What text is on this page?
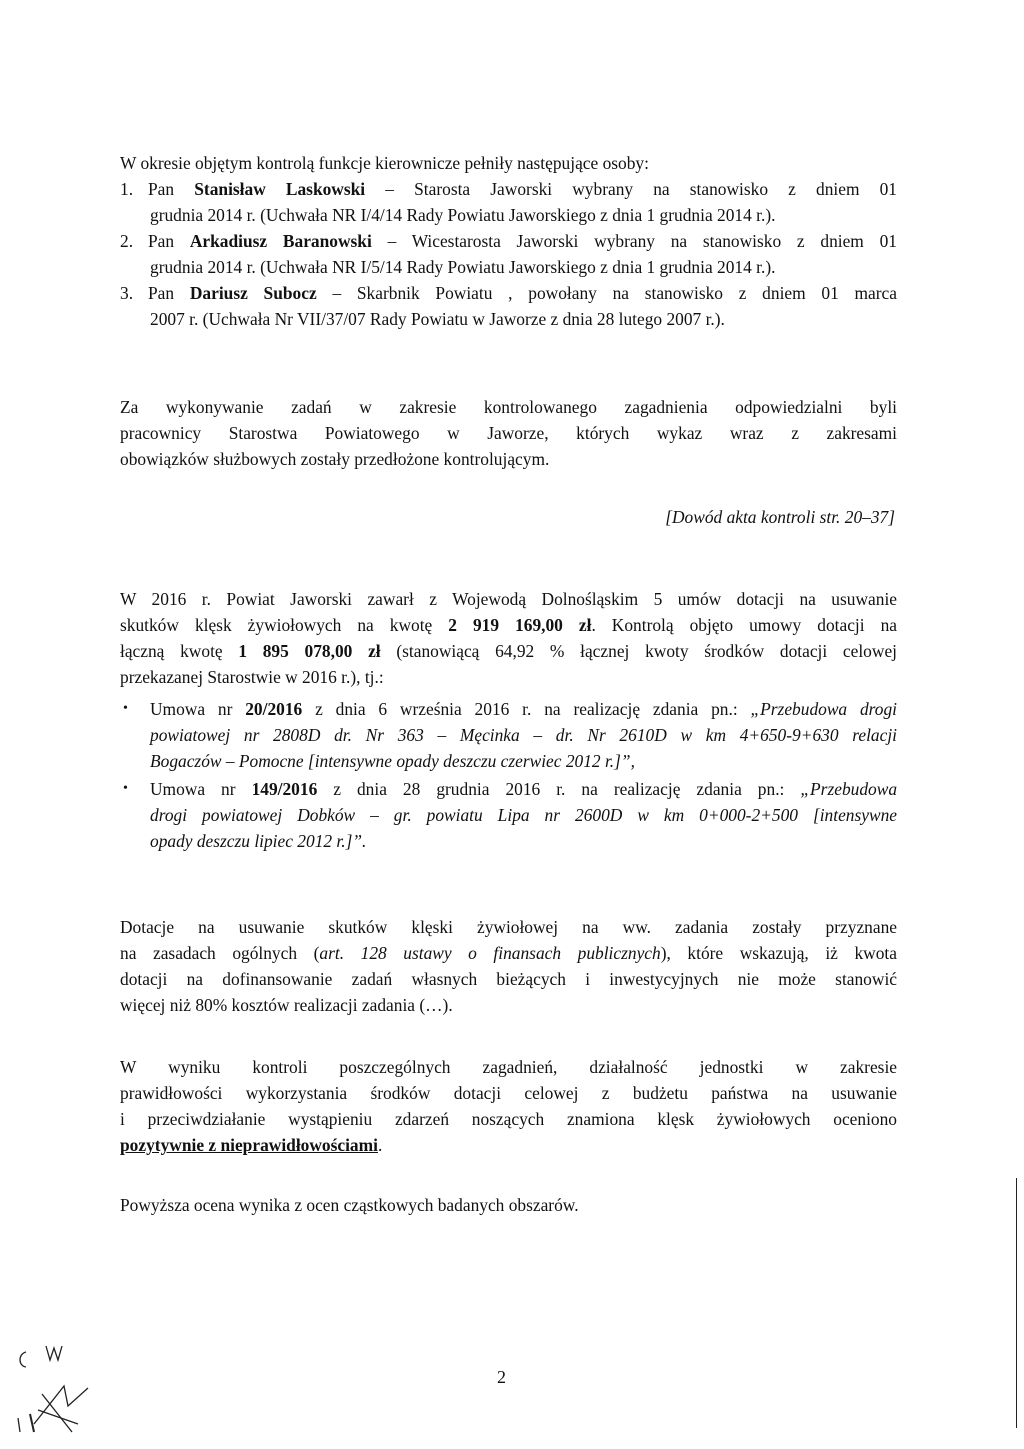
W okresie objętym kontrolą funkcje kierownicze pełniły następujące osoby:
1. Pan Stanisław Laskowski – Starosta Jaworski wybrany na stanowisko z dniem 01
grudnia 2014 r. (Uchwała NR I/4/14 Rady Powiatu Jaworskiego z dnia 1 grudnia 2014 r.).
2. Pan Arkadiusz Baranowski – Wicestarosta Jaworski wybrany na stanowisko z dniem 01
grudnia 2014 r. (Uchwała NR I/5/14 Rady Powiatu Jaworskiego z dnia 1 grudnia 2014 r.).
3. Pan Dariusz Subocz – Skarbnik Powiatu , powołany na stanowisko z dniem 01 marca
2007 r. (Uchwała Nr VII/37/07 Rady Powiatu w Jaworze z dnia 28 lutego 2007 r.).
Za wykonywanie zadań w zakresie kontrolowanego zagadnienia odpowiedzialni byli
pracownicy Starostwa Powiatowego w Jaworze, których wykaz wraz z zakresami
obowiązków służbowych zostały przedłożone kontrolującym.
[Dowód akta kontroli str. 20–37]
W 2016 r. Powiat Jaworski zawarł z Wojewodą Dolnośląskim 5 umów dotacji na usuwanie
skutków klęsk żywiołowych na kwotę 2 919 169,00 zł. Kontrolą objęto umowy dotacji na
łączną kwotę 1 895 078,00 zł (stanowiącą 64,92 % łącznej kwoty środków dotacji celowej
przekazanej Starostwie w 2016 r.), tj.:
•	Umowa nr 20/2016 z dnia 6 września 2016 r. na realizację zdania pn.: „Przebudowa drogi
powiatowej nr 2808D dr. Nr 363 – Męcinka – dr. Nr 2610D w km 4+650-9+630 relacji
Bogaczów – Pomocne [intensywne opady deszczu czerwiec 2012 r.]”,
•	Umowa nr 149/2016 z dnia 28 grudnia 2016 r. na realizację zdania pn.: „Przebudowa
drogi powiatowej Dobków – gr. powiatu Lipa nr 2600D w km 0+000-2+500 [intensywne
opady deszczu lipiec 2012 r.]”.
Dotacje na usuwanie skutków klęski żywiołowej na ww. zadania zostały przyznane
na zasadach ogólnych (art. 128 ustawy o finansach publicznych), które wskazują, iż kwota
dotacji na dofinansowanie zadań własnych bieżących i inwestycyjnych nie może stanowić
więcej niż 80% kosztów realizacji zadania (…).
W wyniku kontroli poszczególnych zagadnień, działalność jednostki w zakresie
prawidłowości wykorzystania środków dotacji celowej z budżetu państwa na usuwanie
i przeciwdziałanie wystąpieniu zdarzeń noszących znamiona klęsk żywiołowych oceniono
pozytywnie z nieprawidłowościami.
Powyższa ocena wynika z ocen cząstkowych badanych obszarów.
2
